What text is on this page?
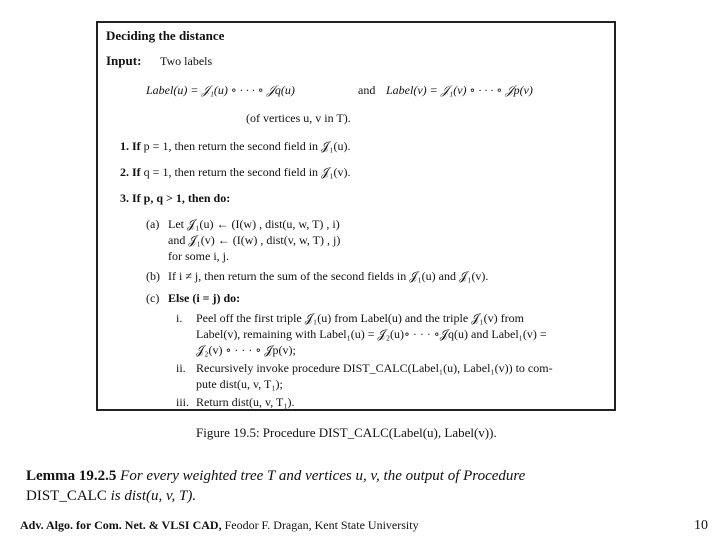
Deciding the distance
Input: Two labels
Label(u) = 𝒥₁(u) ∘ · · · ∘ 𝒥q(u)	and Label(v) = 𝒥₁(v) ∘ · · · ∘ 𝒥p(v)
(of vertices u, v in T).
1. If p = 1, then return the second field in 𝒥₁(u).
2. If q = 1, then return the second field in 𝒥₁(v).
3. If p, q > 1, then do:
(a) Let 𝒥₁(u) ← (I(w) , dist(u, w, T) , i)
and 𝒥₁(v) ← (I(w) , dist(v, w, T) , j)
for some i, j.
(b) If i ≠ j, then return the sum of the second fields in 𝒥₁(u) and 𝒥₁(v).
(c) Else (i = j) do:
i. Peel off the first triple 𝒥₁(u) from Label(u) and the triple 𝒥₁(v) from
Label(v), remaining with Label₁(u) = 𝒥₂(u)∘ · · · ∘𝒥q(u) and Label₁(v) =
𝒥₂(v) ∘ · · · ∘ 𝒥p(v);
ii. Recursively invoke procedure DIST_CALC(Label₁(u), Label₁(v)) to com-
pute dist(u, v, T₁);
iii. Return dist(u, v, T₁).
Figure 19.5: Procedure DIST_CALC(Label(u), Label(v)).
Lemma 19.2.5 For every weighted tree T and vertices u, v, the output of Procedure
DIST_CALC is dist(u, v, T).
Adv. Algo. for Com. Net. & VLSI CAD, Feodor F. Dragan, Kent State University	10
